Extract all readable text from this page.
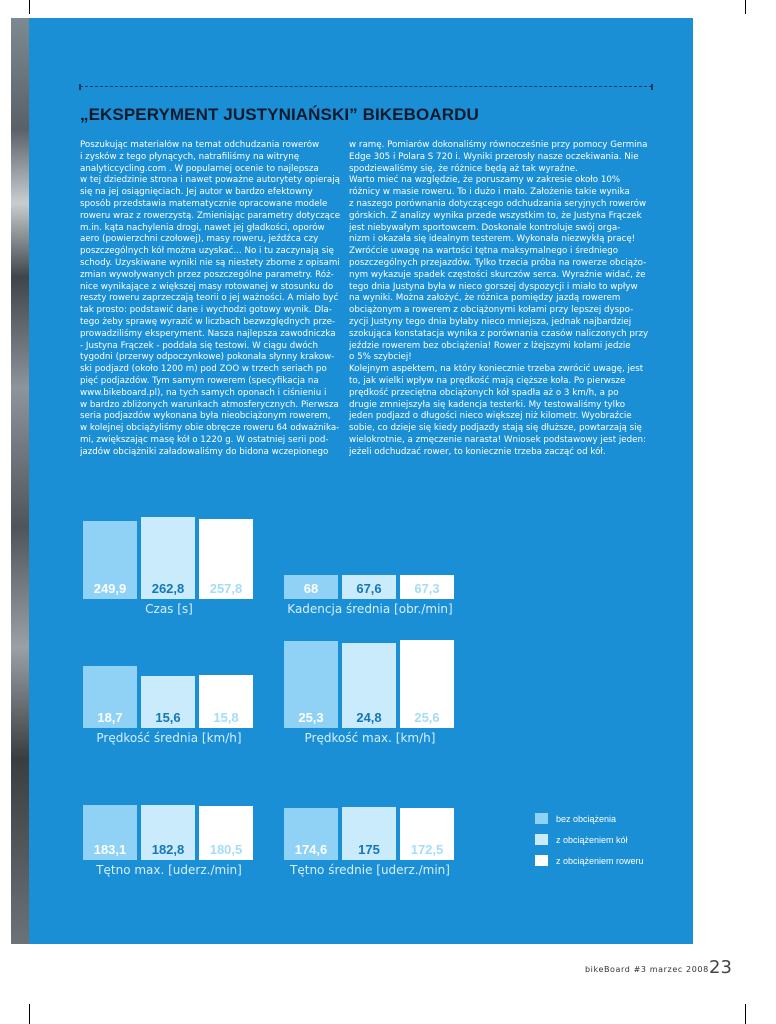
„EKSPERYMENT JUSTYNIAŃSKI” BIKEBOARDU
Poszukując materiałów na temat odchudzania rowerów
i zysków z tego płynących, natrafiliśmy na witrynę
analyticcycling.com . W popularnej ocenie to najlepsza
w tej dziedzinie strona i nawet poważne autorytety opierają
się na jej osiągnięciach. Jej autor w bardzo efektowny
sposób przedstawia matematycznie opracowane modele
roweru wraz z rowerzystą. Zmieniając parametry dotyczące
m.in. kąta nachylenia drogi, nawet jej gładkości, oporów
aero (powierzchni czołowej), masy roweru, jeźdźca czy
poszczególnych kół można uzyskać... No i tu zaczynają się
schody. Uzyskiwane wyniki nie są niestety zborne z opisami
zmian wywoływanych przez poszczególne parametry. Róż-
nice wynikające z większej masy rotowanej w stosunku do
reszty roweru zaprzeczają teorii o jej ważności. A miało być
tak prosto: podstawić dane i wychodzi gotowy wynik. Dla-
tego żeby sprawę wyrazić w liczbach bezwzględnych prze-
prowadziliśmy eksperyment. Nasza najlepsza zawodniczka
- Justyna Frączek - poddała się testowi. W ciągu dwóch
tygodni (przerwy odpoczynkowe) pokonała słynny krakow-
ski podjazd (około 1200 m) pod ZOO w trzech seriach po
pięć podjazdów. Tym samym rowerem (specyfikacja na
www.bikeboard.pl), na tych samych oponach i ciśnieniu i
w bardzo zbliżonych warunkach atmosferycznych. Pierwsza
seria podjazdów wykonana była nieobciążonym rowerem,
w kolejnej obciążyliśmy obie obręcze roweru 64 odważnika-
mi, zwiększając masę kół o 1220 g. W ostatniej serii pod-
jazdów obciążniki załadowaliśmy do bidona wczepionego
w ramę. Pomiarów dokonaliśmy równocześnie przy pomocy Germina
Edge 305 i Polara S 720 i. Wyniki przerosły nasze oczekiwania. Nie
spodziewaliśmy się, że różnice będą aż tak wyraźne.
Warto mieć na względzie, że poruszamy w zakresie około 10%
różnicy w masie roweru. To i dużo i mało. Założenie takie wynika
z naszego porównania dotyczącego odchudzania seryjnych rowerów
górskich. Z analizy wynika przede wszystkim to, że Justyna Frączek
jest niebywałym sportowcem. Doskonale kontroluje swój orga-
nizm i okazała się idealnym testerem. Wykonała niezwykłą pracę!
Zwróćcie uwagę na wartości tętna maksymalnego i średniego
poszczególnych przejazdów. Tylko trzecia próba na rowerze obciążo-
nym wykazuje spadek częstości skurczów serca. Wyraźnie widać, że
tego dnia Justyna była w nieco gorszej dyspozycji i miało to wpływ
na wyniki. Można założyć, że różnica pomiędzy jazdą rowerem
obciążonym a rowerem z obciążonymi kołami przy lepszej dyspo-
zycji Justyny tego dnia byłaby nieco mniejsza, jednak najbardziej
szokująca konstatacja wynika z porównania czasów naliczonych przy
jeździe rowerem bez obciążenia! Rower z lżejszymi kołami jedzie
o 5% szybciej!
Kolejnym aspektem, na który koniecznie trzeba zwrócić uwagę, jest
to, jak wielki wpływ na prędkość mają cięższe koła. Po pierwsze
prędkość przeciętna obciążonych kół spadła aż o 3 km/h, a po
drugie zmniejszyła się kadencja testerki. My testowaliśmy tylko
jeden podjazd o długości nieco większej niż kilometr. Wyobraźcie
sobie, co dzieje się kiedy podjazdy stają się dłuższe, powtarzają się
wielokrotnie, a zmęczenie narasta! Wniosek podstawowy jest jeden:
jeżeli odchudzać rower, to koniecznie trzeba zacząć od kół.
249,9	262,8	257,8
Czas [s]
68	67,6	67,3
Kadencja średnia [obr./min]
18,7	15,6	15,8
Prędkość średnia [km/h]
25,3	24,8	25,6
Prędkość max. [km/h]
183,1	182,8	180,5
Tętno max. [uderz./min]
174,6	175	172,5
Tętno średnie [uderz./min]
bez obciążenia
z obciążeniem kół
z obciążeniem roweru
bikeBoard #3 marzec 2008 23
